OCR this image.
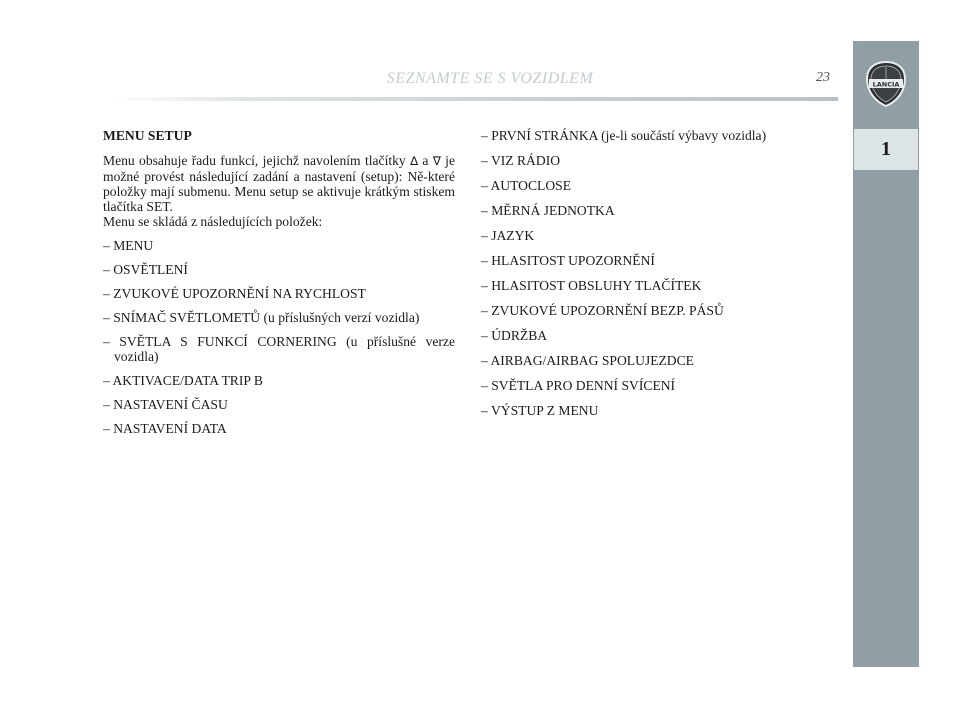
SEZNAMTE SE S VOZIDLEM	23	LANCIA
1
MENU SETUP

Menu obsahuje řadu funkcí, jejichž navolením tlačítky ∆ a ∇ je možné provést následující zadání a nastavení (setup): Ně-které položky mají submenu. Menu setup se aktivuje krátkým stiskem tlačítka SET.

Menu se skládá z následujících položek:

– MENU
– OSVĚTLENÍ
– ZVUKOVÉ UPOZORNĚNÍ NA RYCHLOST
– SNÍMAČ SVĚTLOMETŮ (u příslušných verzí vozidla)
– SVĚTLA S FUNKCÍ CORNERING (u příslušné verze vozidla)
– AKTIVACE/DATA TRIP B
– NASTAVENÍ ČASU
– NASTAVENÍ DATA
– PRVNÍ STRÁNKA (je-li součástí výbavy vozidla)
– VIZ RÁDIO
– AUTOCLOSE
– MĚRNÁ JEDNOTKA
– JAZYK
– HLASITOST UPOZORNĚNÍ
– HLASITOST OBSLUHY TLAČÍTEK
– ZVUKOVÉ UPOZORNĚNÍ BEZP. PÁSŮ
– ÚDRŽBA
– AIRBAG/AIRBAG SPOLUJEZDCE
– SVĚTLA PRO DENNÍ SVÍCENÍ
– VÝSTUP Z MENU
